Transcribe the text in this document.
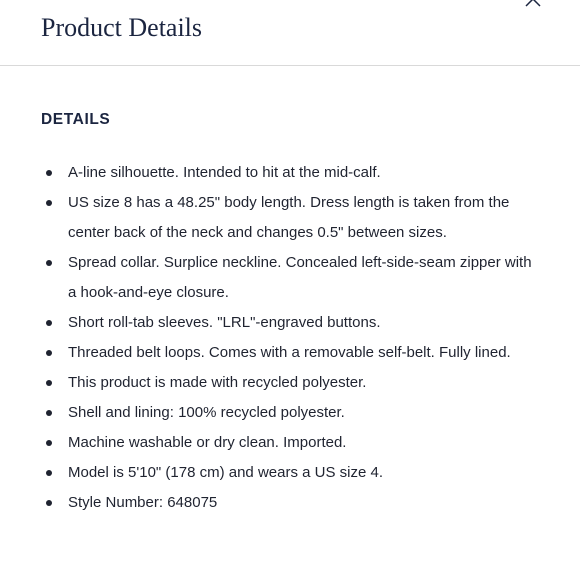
Product Details
DETAILS
A-line silhouette. Intended to hit at the mid-calf.
US size 8 has a 48.25" body length. Dress length is taken from the center back of the neck and changes 0.5" between sizes.
Spread collar. Surplice neckline. Concealed left-side-seam zipper with a hook-and-eye closure.
Short roll-tab sleeves. "LRL"-engraved buttons.
Threaded belt loops. Comes with a removable self-belt. Fully lined.
This product is made with recycled polyester.
Shell and lining: 100% recycled polyester.
Machine washable or dry clean. Imported.
Model is 5'10" (178 cm) and wears a US size 4.
Style Number: 648075
